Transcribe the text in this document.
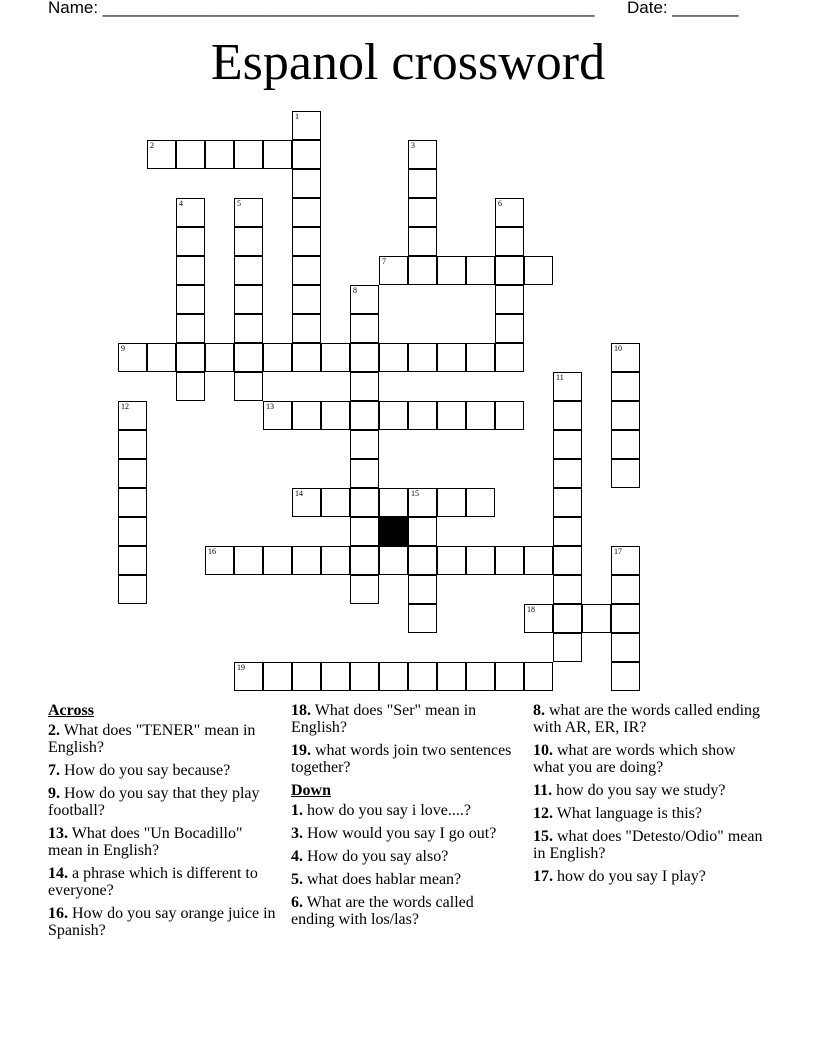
Name: ____________________________________________________ Date: _______
Espanol crossword
2
7
9
13
14	15
16
18
19
1
3
4	5	6
8
10
11
12
17
Across
2. What does "TENER" mean in English?
7. How do you say because?
9. How do you say that they play football?
13. What does "Un Bocadillo" mean in English?
14. a phrase which is different to everyone?
16. How do you say orange juice in Spanish?
18. What does "Ser" mean in English?
19. what words join two sentences together?
Down
1. how do you say i love....?
3. How would you say I go out?
4. How do you say also?
5. what does hablar mean?
6. What are the words called ending with los/las?
8. what are the words called ending with AR, ER, IR?
10. what are words which show what you are doing?
11. how do you say we study?
12. What language is this?
15. what does "Detesto/Odio" mean in English?
17. how do you say I play?
